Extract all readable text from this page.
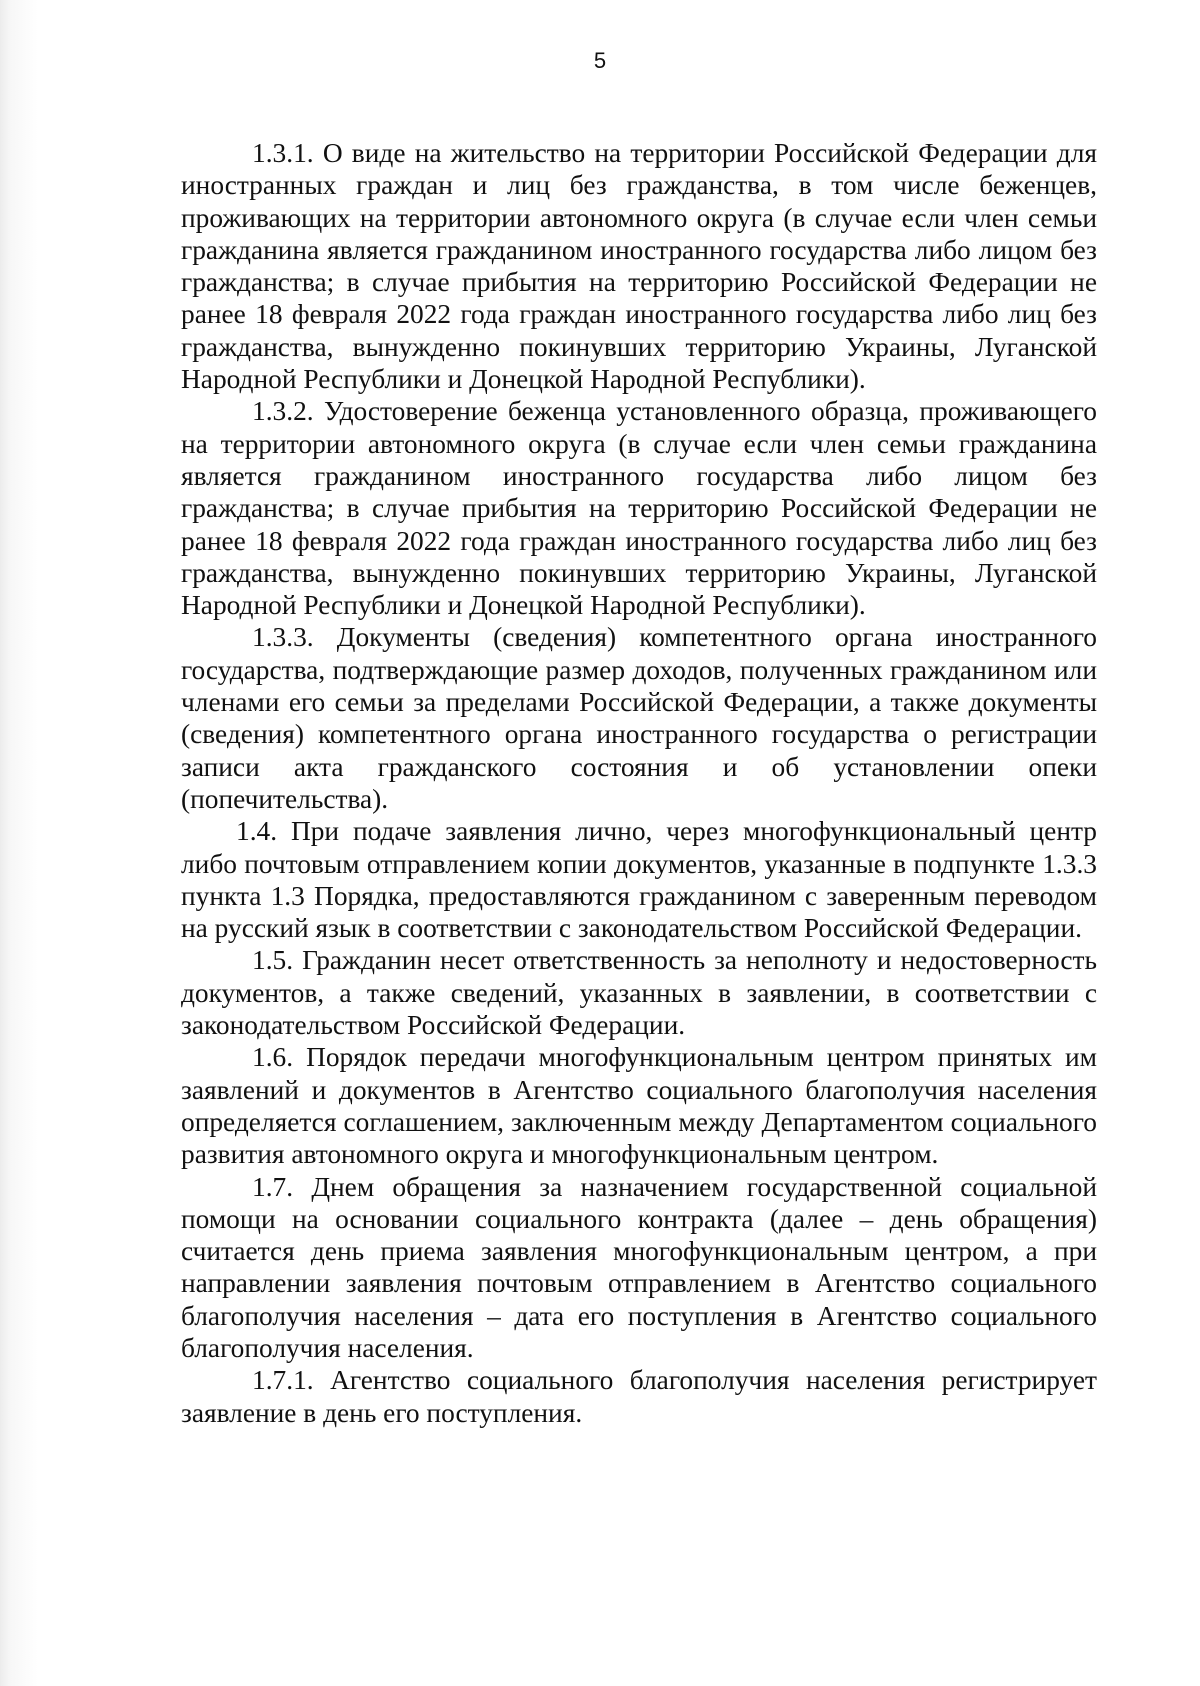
5

1.3.1. О виде на жительство на территории Российской Федерации для иностранных граждан и лиц без гражданства, в том числе беженцев, проживающих на территории автономного округа (в случае если член семьи гражданина является гражданином иностранного государства либо лицом без гражданства; в случае прибытия на территорию Российской Федерации не ранее 18 февраля 2022 года граждан иностранного государства либо лиц без гражданства, вынужденно покинувших территорию Украины, Луганской Народной Республики и Донецкой Народной Республики).

1.3.2. Удостоверение беженца установленного образца, проживающего на территории автономного округа (в случае если член семьи гражданина является гражданином иностранного государства либо лицом без гражданства; в случае прибытия на территорию Российской Федерации не ранее 18 февраля 2022 года граждан иностранного государства либо лиц без гражданства, вынужденно покинувших территорию Украины, Луганской Народной Республики и Донецкой Народной Республики).

1.3.3. Документы (сведения) компетентного органа иностранного государства, подтверждающие размер доходов, полученных гражданином или членами его семьи за пределами Российской Федерации, а также документы (сведения) компетентного органа иностранного государства о регистрации записи акта гражданского состояния и об установлении опеки (попечительства).

1.4. При подаче заявления лично, через многофункциональный центр либо почтовым отправлением копии документов, указанные в подпункте 1.3.3 пункта 1.3 Порядка, предоставляются гражданином с заверенным переводом на русский язык в соответствии с законодательством Российской Федерации.

1.5. Гражданин несет ответственность за неполноту и недостоверность документов, а также сведений, указанных в заявлении, в соответствии с законодательством Российской Федерации.

1.6. Порядок передачи многофункциональным центром принятых им заявлений и документов в Агентство социального благополучия населения определяется соглашением, заключенным между Департаментом социального развития автономного округа и многофункциональным центром.

1.7. Днем обращения за назначением государственной социальной помощи на основании социального контракта (далее – день обращения) считается день приема заявления многофункциональным центром, а при направлении заявления почтовым отправлением в Агентство социального благополучия населения – дата его поступления в Агентство социального благополучия населения.

1.7.1. Агентство социального благополучия населения регистрирует заявление в день его поступления.
